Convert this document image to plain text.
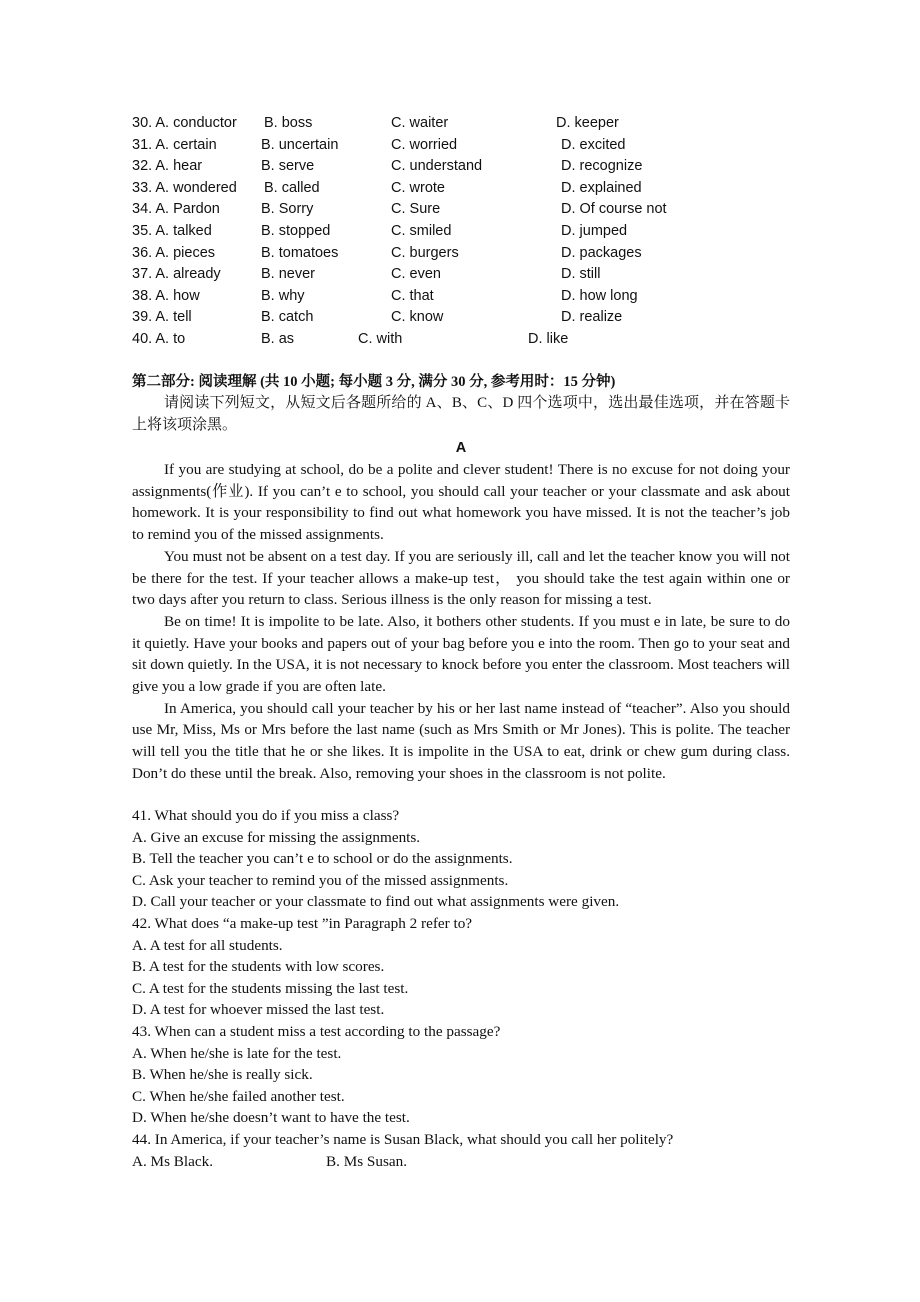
30. A. conductor B. boss	C. waiter	D. keeper
31. A. certain	B. uncertain	C. worried	D. excited
32. A. hear	B. serve	C. understand	D. recognize
33. A. wondered B. called	C. wrote	D. explained
34. A. Pardon	B. Sorry	C. Sure	D. Of course not
35. A. talked	B. stopped	C. smiled	D. jumped
36. A. pieces	B. tomatoes	C. burgers	D. packages
37. A. already	B. never	C. even	D. still
38. A. how	B. why	C. that	D. how long
39. A. tell	B. catch	C. know	D. realize
40. A. to	B. as	C. with	D. like
第二部分: 阅读理解 (共 10 小题; 每小题 3 分, 满分 30 分, 参考用时：15 分钟)
请阅读下列短文，从短文后各题所给的 A、B、C、D 四个选项中，选出最佳选项，并在答题卡上将该项涂黑。
A

If you are studying at school, do be a polite and clever student! There is no excuse for not doing your assignments(作业). If you can’t e to school, you should call your teacher or your classmate and ask about homework. It is your responsibility to find out what homework you have missed. It is not the teacher’s job to remind you of the missed assignments.

You must not be absent on a test day. If you are seriously ill, call and let the teacher know you will not be there for the test. If your teacher allows a make-up test， you should take the test again within one or two days after you return to class. Serious illness is the only reason for missing a test.

Be on time! It is impolite to be late. Also, it bothers other students. If you must e in late, be sure to do it quietly. Have your books and papers out of your bag before you e into the room. Then go to your seat and sit down quietly. In the USA, it is not necessary to knock before you enter the classroom. Most teachers will give you a low grade if you are often late.

In America, you should call your teacher by his or her last name instead of “teacher”. Also you should use Mr, Miss, Ms or Mrs before the last name (such as Mrs Smith or Mr Jones). This is polite. The teacher will tell you the title that he or she likes. It is impolite in the USA to eat, drink or chew gum during class. Don’t do these until the break. Also, removing your shoes in the classroom is not polite.

41. What should you do if you miss a class?

A. Give an excuse for missing the assignments.

B. Tell the teacher you can’t e to school or do the assignments.

C. Ask your teacher to remind you of the missed assignments.

D. Call your teacher or your classmate to find out what assignments were given.

42. What does “a make-up test ”in Paragraph 2 refer to?

A. A test for all students.

B. A test for the students with low scores.

C. A test for the students missing the last test.

D. A test for whoever missed the last test.

43. When can a student miss a test according to the passage?

A. When he/she is late for the test.

B. When he/she is really sick.

C. When he/she failed another test.

D. When he/she doesn’t want to have the test.

44. In America, if your teacher’s name is Susan Black, what should you call her politely?

A. Ms Black.	B. Ms Susan.
